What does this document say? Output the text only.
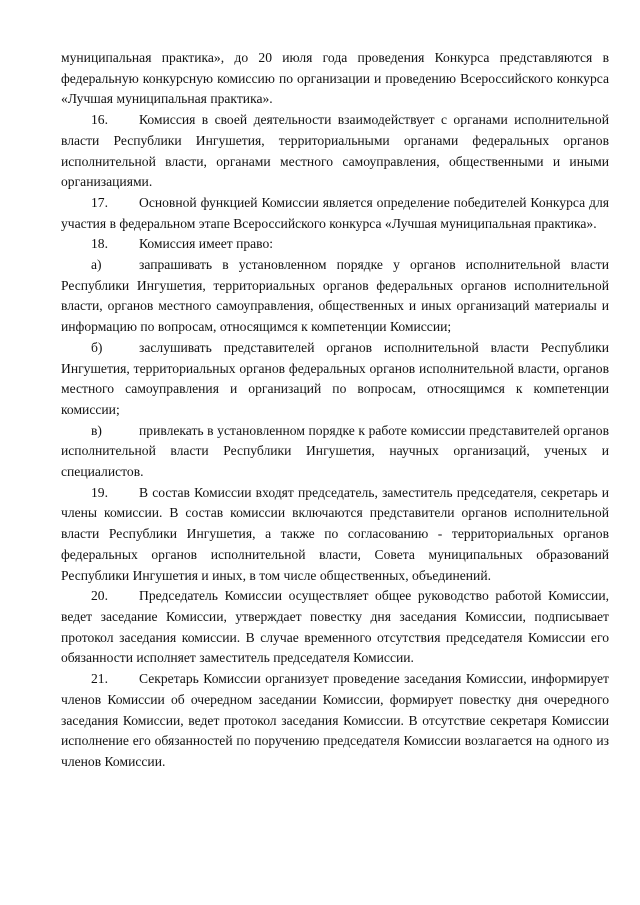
муниципальная практика», до 20 июля года проведения Конкурса представляются в федеральную конкурсную комиссию по организации и проведению Всероссийского конкурса «Лучшая муниципальная практика».

16. Комиссия в своей деятельности взаимодействует с органами исполнительной власти Республики Ингушетия, территориальными органами федеральных органов исполнительной власти, органами местного самоуправления, общественными и иными организациями.

17. Основной функцией Комиссии является определение победителей Конкурса для участия в федеральном этапе Всероссийского конкурса «Лучшая муниципальная практика».

18. Комиссия имеет право:

а)	запрашивать в установленном порядке у органов исполнительной власти Республики Ингушетия, территориальных органов федеральных органов исполнительной власти, органов местного самоуправления, общественных и иных организаций материалы и информацию по вопросам, относящимся к компетенции Комиссии;

б)	заслушивать представителей органов исполнительной власти Республики Ингушетия, территориальных органов федеральных органов исполнительной власти, органов местного самоуправления и организаций по вопросам, относящимся к компетенции комиссии;

в)	привлекать в установленном порядке к работе комиссии представителей органов исполнительной власти Республики Ингушетия, научных организаций, ученых и специалистов.

19. В состав Комиссии входят председатель, заместитель председателя, секретарь и члены комиссии. В состав комиссии включаются представители органов исполнительной власти Республики Ингушетия, а также по согласованию - территориальных органов федеральных органов исполнительной власти, Совета муниципальных образований Республики Ингушетия и иных, в том числе общественных, объединений.

20. Председатель Комиссии осуществляет общее руководство работой Комиссии, ведет заседание Комиссии, утверждает повестку дня заседания Комиссии, подписывает протокол заседания комиссии. В случае временного отсутствия председателя Комиссии его обязанности исполняет заместитель председателя Комиссии.

21. Секретарь Комиссии организует проведение заседания Комиссии, информирует членов Комиссии об очередном заседании Комиссии, формирует повестку дня очередного заседания Комиссии, ведет протокол заседания Комиссии. В отсутствие секретаря Комиссии исполнение его обязанностей по поручению председателя Комиссии возлагается на одного из членов Комиссии.
